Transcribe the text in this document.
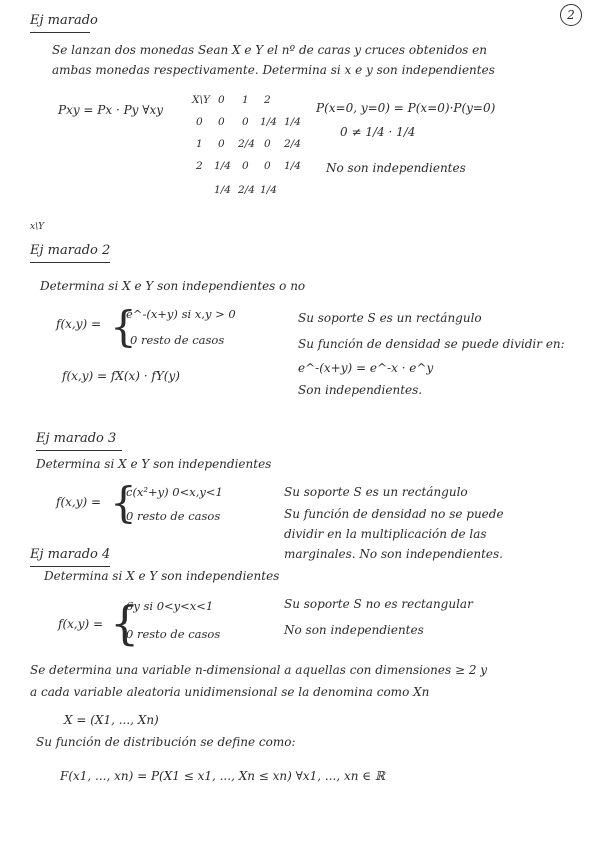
2
Ej marado
Se lanzan dos monedas Sean X e Y el nº de caras y cruces obtenidos en
ambas monedas respectivamente. Determina si x e y son independientes
Pxy = Px · Py ∀xy
X\Y 0 1 2
0 0 0 1/4 1/4
1 0 2/4 0 2/4
2 1/4 0 0 1/4
1/4 2/4 1/4
P(x=0, y=0) = P(x=0)·P(y=0)
0 ≠ 1/4 · 1/4
No son independientes
x\Y
Ej marado 2
Determina si X e Y son independientes o no
f(x,y) = {
e^-(x+y) si x,y > 0
0 resto de casos
f(x,y) = fX(x) · fY(y)
Su soporte S es un rectángulo
Su función de densidad se puede dividir en:
e^-(x+y) = e^-x · e^y
Son independientes.
Ej marado 3
Determina si X e Y son independientes
f(x,y) = {
c(x²+y) 0<x,y<1
0 resto de casos
Su soporte S es un rectángulo
Su función de densidad no se puede
dividir en la multiplicación de las
marginales. No son independientes.
Ej marado 4
Determina si X e Y son independientes
f(x,y) = {
6y si 0<y<x<1
0 resto de casos
Su soporte S no es rectangular
No son independientes
Se determina una variable n-dimensional a aquellas con dimensiones ≥ 2 y
a cada variable aleatoria unidimensional se la denomina como Xn
X = (X1, ..., Xn)
Su función de distribución se define como:
F(x1, ..., xn) = P(X1 ≤ x1, ..., Xn ≤ xn) ∀x1, ..., xn ∈ ℝ
